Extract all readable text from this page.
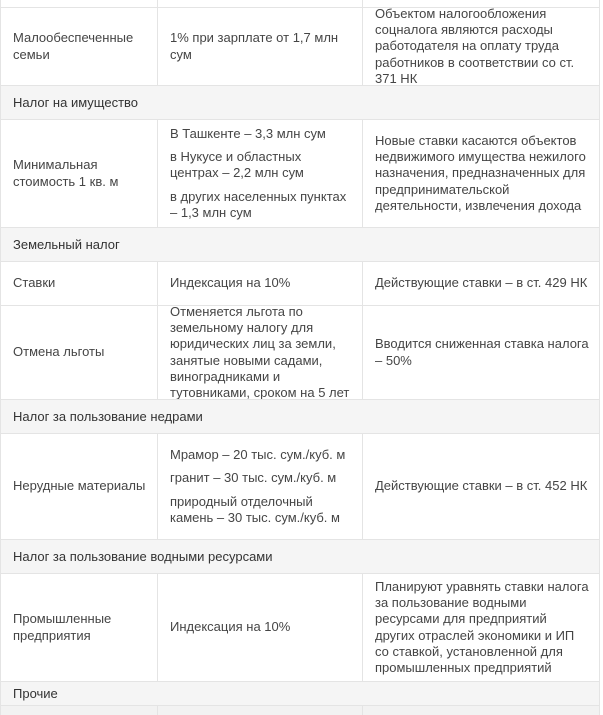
Малообеспеченные семьи

1% при зарплате от 1,7 млн сум

Объектом налогообложения соцналога являются расходы работодателя на оплату труда работников в соответствии со ст. 371 НК

Налог на имущество

Минимальная стоимость 1 кв. м

В Ташкенте – 3,3 млн сум

в Нукусе и областных центрах – 2,2 млн сум

в других населенных пунктах – 1,3 млн сум

Новые ставки касаются объектов недвижимого имущества нежилого назначения, предназначенных для предпринимательской деятельности, извлечения дохода

Земельный налог

Ставки	Индексация на 10%	Действующие ставки – в ст. 429 НК

Отмена льготы

Отменяется льгота по земельному налогу для юридических лиц за земли, занятые новыми садами, виноградниками и тутовниками, сроком на 5 лет

Вводится сниженная ставка налога – 50%

Налог за пользование недрами

Нерудные материалы

Мрамор – 20 тыс. сум./куб. м

гранит – 30 тыс. сум./куб. м

природный отделочный камень – 30 тыс. сум./куб. м

Действующие ставки – в ст. 452 НК

Налог за пользование водными ресурсами

Промышленные предприятия

Индексация на 10%

Планируют уравнять ставки налога за пользование водными ресурсами для предприятий других отраслей экономики и ИП со ставкой, установленной для промышленных предприятий

Прочие
